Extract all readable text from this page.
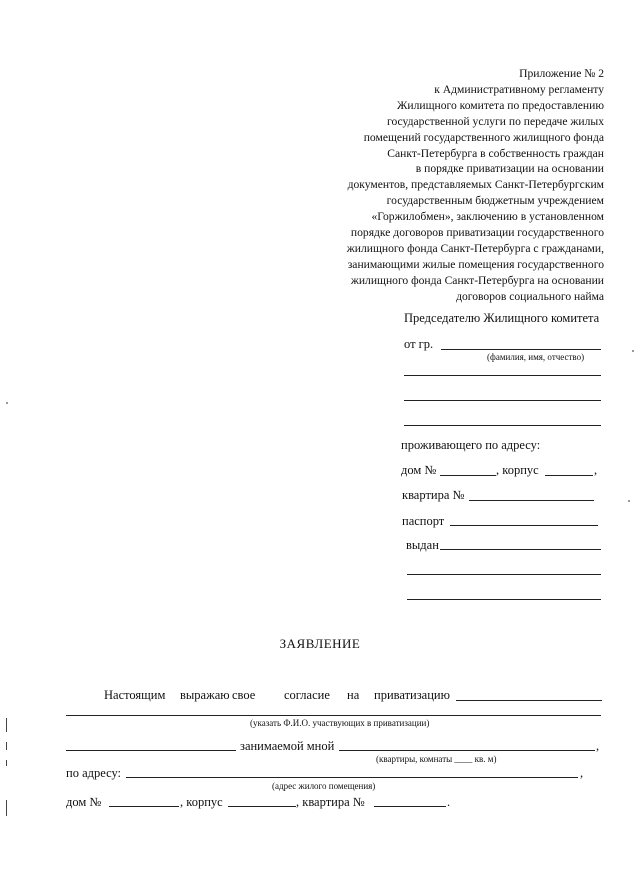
Приложение № 2
к Административному регламенту
Жилищного комитета по предоставлению
государственной услуги по передаче жилых
помещений государственного жилищного фонда
Санкт-Петербурга в собственность граждан
в порядке приватизации на основании
документов, представляемых Санкт-Петербургским
государственным бюджетным учреждением
«Горжилобмен», заключению в установленном
порядке договоров приватизации государственного
жилищного фонда Санкт-Петербурга с гражданами,
занимающими жилые помещения государственного
жилищного фонда Санкт-Петербурга на основании
договоров социального найма
Председателю Жилищного комитета
от гр.
(фамилия, имя, отчество)
проживающего по адресу:
дом №	, корпус	,
квартира №
паспорт
выдан
ЗАЯВЛЕНИЕ
Настоящим выражаю свое согласие на приватизацию
(указать Ф.И.О. участвующих в приватизации)
занимаемой мной	,
(квартиры, комнаты ____ кв. м)
по адресу:	,
(адрес жилого помещения)
дом №	, корпус	, квартира №	.
